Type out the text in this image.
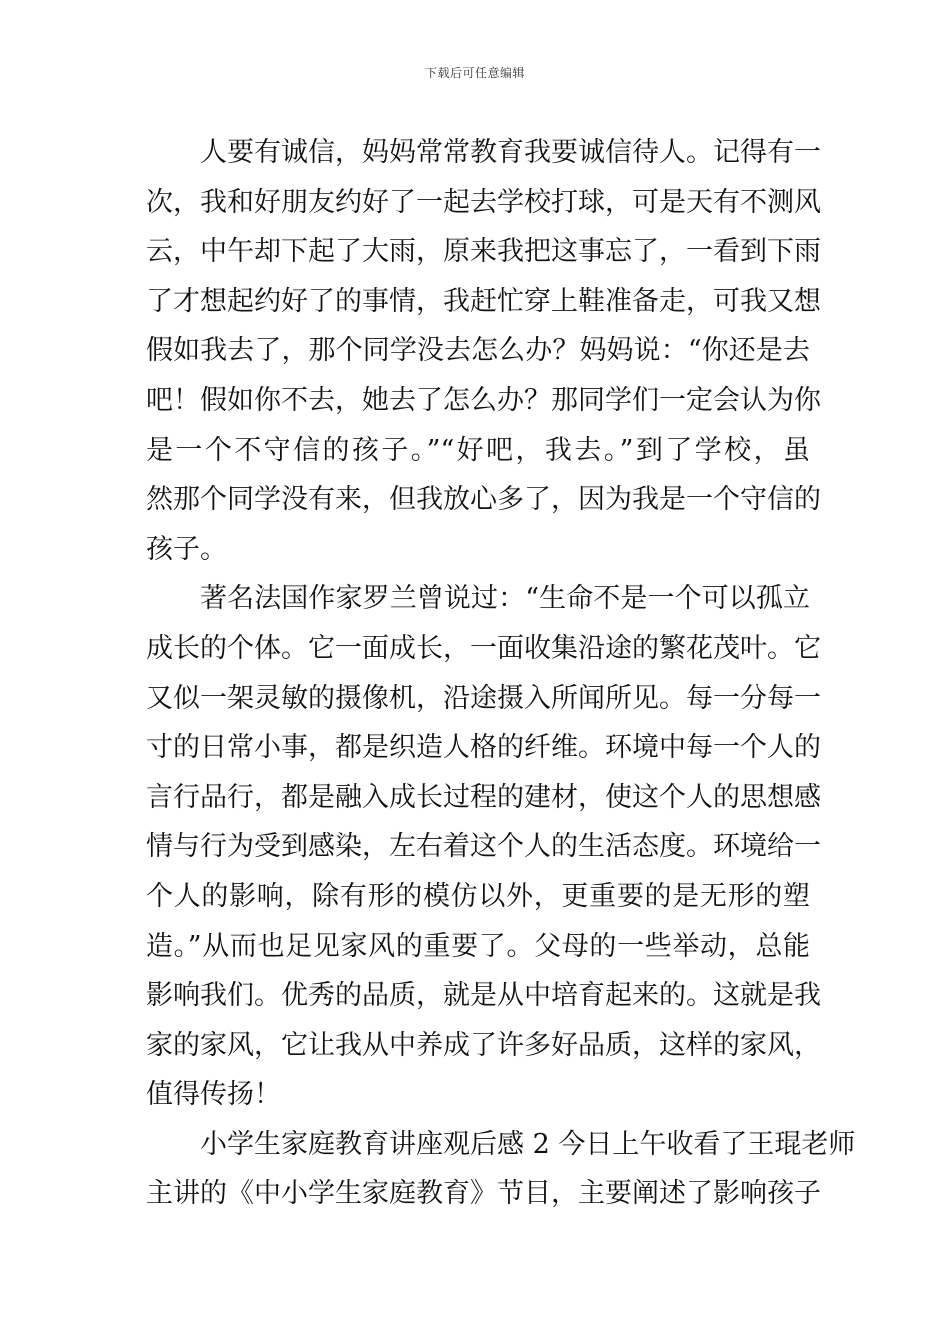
下载后可任意编辑
人要有诚信，妈妈常常教育我要诚信待人。记得有一
次，我和好朋友约好了一起去学校打球，可是天有不测风
云，中午却下起了大雨，原来我把这事忘了，一看到下雨
了才想起约好了的事情，我赶忙穿上鞋准备走，可我又想
假如我去了，那个同学没去怎么办？妈妈说：“你还是去
吧！假如你不去，她去了怎么办？那同学们一定会认为你
是一个不守信的孩子。”“好吧，我去。”到了学校，虽
然那个同学没有来，但我放心多了，因为我是一个守信的
孩子。
著名法国作家罗兰曾说过：“生命不是一个可以孤立
成长的个体。它一面成长，一面收集沿途的繁花茂叶。它
又似一架灵敏的摄像机，沿途摄入所闻所见。每一分每一
寸的日常小事，都是织造人格的纤维。环境中每一个人的
言行品行，都是融入成长过程的建材，使这个人的思想感
情与行为受到感染，左右着这个人的生活态度。环境给一
个人的影响，除有形的模仿以外，更重要的是无形的塑
造。”从而也足见家风的重要了。父母的一些举动，总能
影响我们。优秀的品质，就是从中培育起来的。这就是我
家的家风，它让我从中养成了许多好品质，这样的家风，
值得传扬！
小学生家庭教育讲座观后感 2 今日上午收看了王琨老师
主讲的《中小学生家庭教育》节目，主要阐述了影响孩子
